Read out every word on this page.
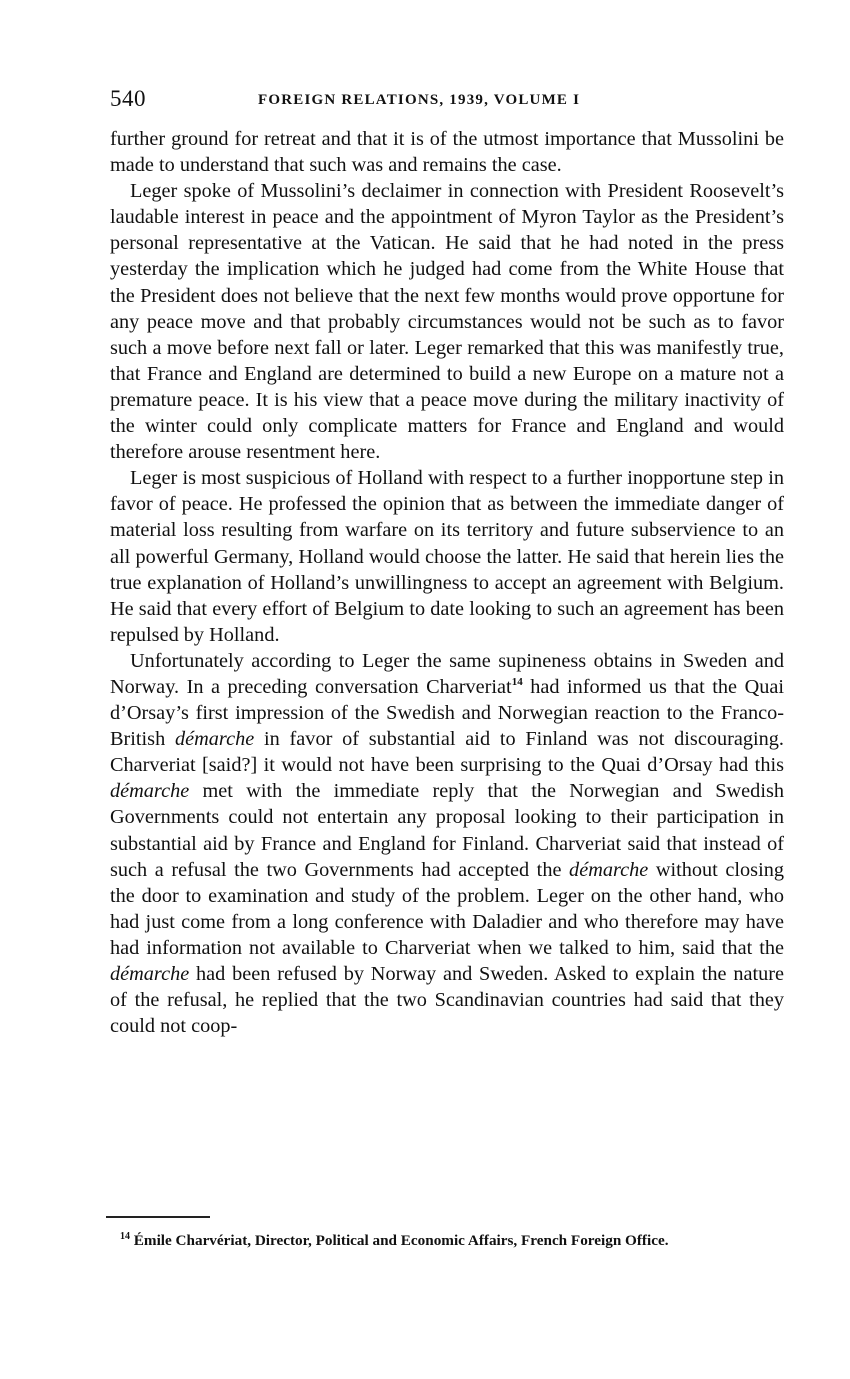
540	FOREIGN RELATIONS, 1939, VOLUME I

further ground for retreat and that it is of the utmost importance that Mussolini be made to understand that such was and remains the case.

Leger spoke of Mussolini’s declaimer in connection with President Roosevelt’s laudable interest in peace and the appointment of Myron Taylor as the President’s personal representative at the Vatican. He said that he had noted in the press yesterday the implication which he judged had come from the White House that the President does not believe that the next few months would prove opportune for any peace move and that probably circumstances would not be such as to favor such a move before next fall or later. Leger remarked that this was manifestly true, that France and England are determined to build a new Europe on a mature not a premature peace. It is his view that a peace move during the military inactivity of the winter could only complicate matters for France and England and would therefore arouse resentment here.

Leger is most suspicious of Holland with respect to a further inopportune step in favor of peace. He professed the opinion that as between the immediate danger of material loss resulting from warfare on its territory and future subservience to an all powerful Germany, Holland would choose the latter. He said that herein lies the true explanation of Holland’s unwillingness to accept an agreement with Belgium. He said that every effort of Belgium to date looking to such an agreement has been repulsed by Holland.

Unfortunately according to Leger the same supineness obtains in Sweden and Norway. In a preceding conversation Charveriat$^{14}$ had informed us that the Quai d’Orsay’s first impression of the Swedish and Norwegian reaction to the Franco-British démarche in favor of substantial aid to Finland was not discouraging. Charveriat [said?] it would not have been surprising to the Quai d’Orsay had this démarche met with the immediate reply that the Norwegian and Swedish Governments could not entertain any proposal looking to their participation in substantial aid by France and England for Finland. Charveriat said that instead of such a refusal the two Governments had accepted the démarche without closing the door to examination and study of the problem. Leger on the other hand, who had just come from a long conference with Daladier and who therefore may have had information not available to Charveriat when we talked to him, said that the démarche had been refused by Norway and Sweden. Asked to explain the nature of the refusal, he replied that the two Scandinavian countries had said that they could not coop-

$^{14}$ Émile Charvériat, Director, Political and Economic Affairs, French Foreign Office.
